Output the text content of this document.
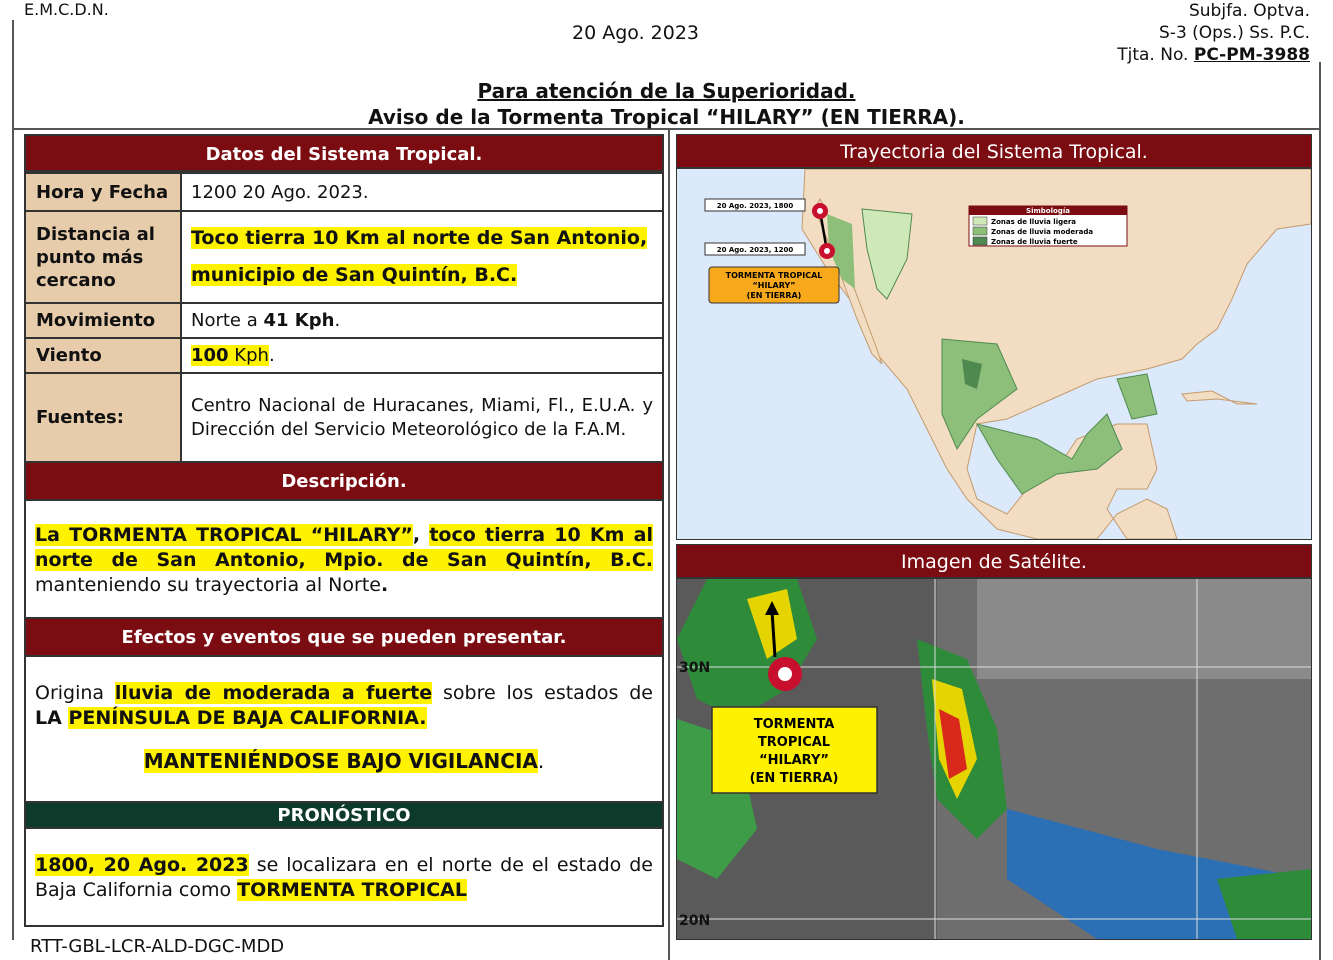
E.M.C.D.N.
20 Ago. 2023
Subjfa. Optva.
S-3 (Ops.) Ss. P.C.
Tjta. No. PC-PM-3988
Para atención de la Superioridad.
Aviso de la Tormenta Tropical “HILARY” (EN TIERRA).
Datos del Sistema Tropical.
Hora y Fecha	1200 20 Ago. 2023.
Distancia al punto más cercano	Toco tierra 10 Km al norte de San Antonio,
municipio de San Quintín, B.C.
Movimiento	Norte a 41 Kph.
Viento	100 Kph.
Fuentes:	Centro Nacional de Huracanes, Miami, Fl., E.U.A. y Dirección del Servicio Meteorológico de la F.A.M.
Descripción.
La TORMENTA TROPICAL “HILARY”, toco tierra 10 Km al norte de San Antonio, Mpio. de San Quintín, B.C. manteniendo su trayectoria al Norte.
Efectos y eventos que se pueden presentar.
Origina lluvia de moderada a fuerte sobre los estados de
LA PENÍNSULA DE BAJA CALIFORNIA.
MANTENIÉNDOSE BAJO VIGILANCIA.
PRONÓSTICO
1800, 20 Ago. 2023 se localizara en el norte de el estado de Baja California como TORMENTA TROPICAL
Trayectoria del Sistema Tropical.
20 Ago. 2023, 1800
20 Ago. 2023, 1200
TORMENTA TROPICAL
“HILARY”
(EN TIERRA)
Simbología
Zonas de lluvia ligera
Zonas de lluvia moderada
Zonas de lluvia fuerte
Imagen de Satélite.
30N
20N
TORMENTA
TROPICAL
“HILARY”
(EN TIERRA)
RTT-GBL-LCR-ALD-DGC-MDD
